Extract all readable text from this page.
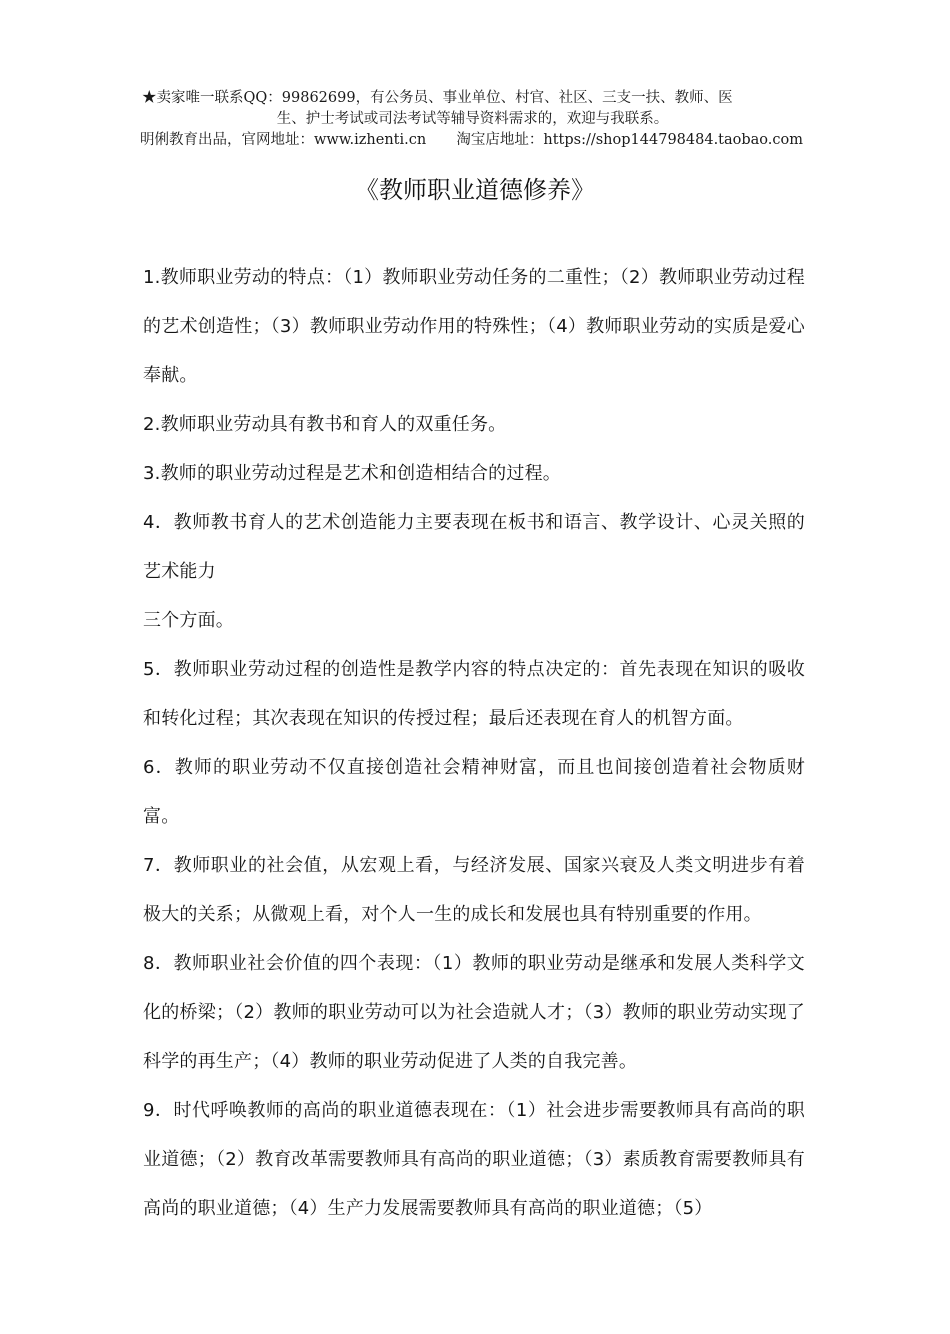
★卖家唯一联系QQ：99862699，有公务员、事业单位、村官、社区、三支一扶、教师、医
生、护士考试或司法考试等辅导资料需求的，欢迎与我联系。
明俐教育出品，官网地址：www.izhenti.cn 淘宝店地址：https://shop144798484.taobao.com
《教师职业道德修养》

1.教师职业劳动的特点：（1）教师职业劳动任务的二重性；（2）教师职业劳动过程的艺术创造性；（3）教师职业劳动作用的特殊性；（4）教师职业劳动的实质是爱心奉献。

2.教师职业劳动具有教书和育人的双重任务。

3.教师的职业劳动过程是艺术和创造相结合的过程。

4．教师教书育人的艺术创造能力主要表现在板书和语言、教学设计、心灵关照的艺术能力

三个方面。

5．教师职业劳动过程的创造性是教学内容的特点决定的：首先表现在知识的吸收和转化过程；其次表现在知识的传授过程；最后还表现在育人的机智方面。

6．教师的职业劳动不仅直接创造社会精神财富，而且也间接创造着社会物质财富。

7．教师职业的社会值，从宏观上看，与经济发展、国家兴衰及人类文明进步有着极大的关系；从微观上看，对个人一生的成长和发展也具有特别重要的作用。

8．教师职业社会价值的四个表现：（1）教师的职业劳动是继承和发展人类科学文化的桥梁；（2）教师的职业劳动可以为社会造就人才；（3）教师的职业劳动实现了科学的再生产；（4）教师的职业劳动促进了人类的自我完善。

9．时代呼唤教师的高尚的职业道德表现在：（1）社会进步需要教师具有高尚的职业道德；（2）教育改革需要教师具有高尚的职业道德；（3）素质教育需要教师具有高尚的职业道德；（4）生产力发展需要教师具有高尚的职业道德；（5）
